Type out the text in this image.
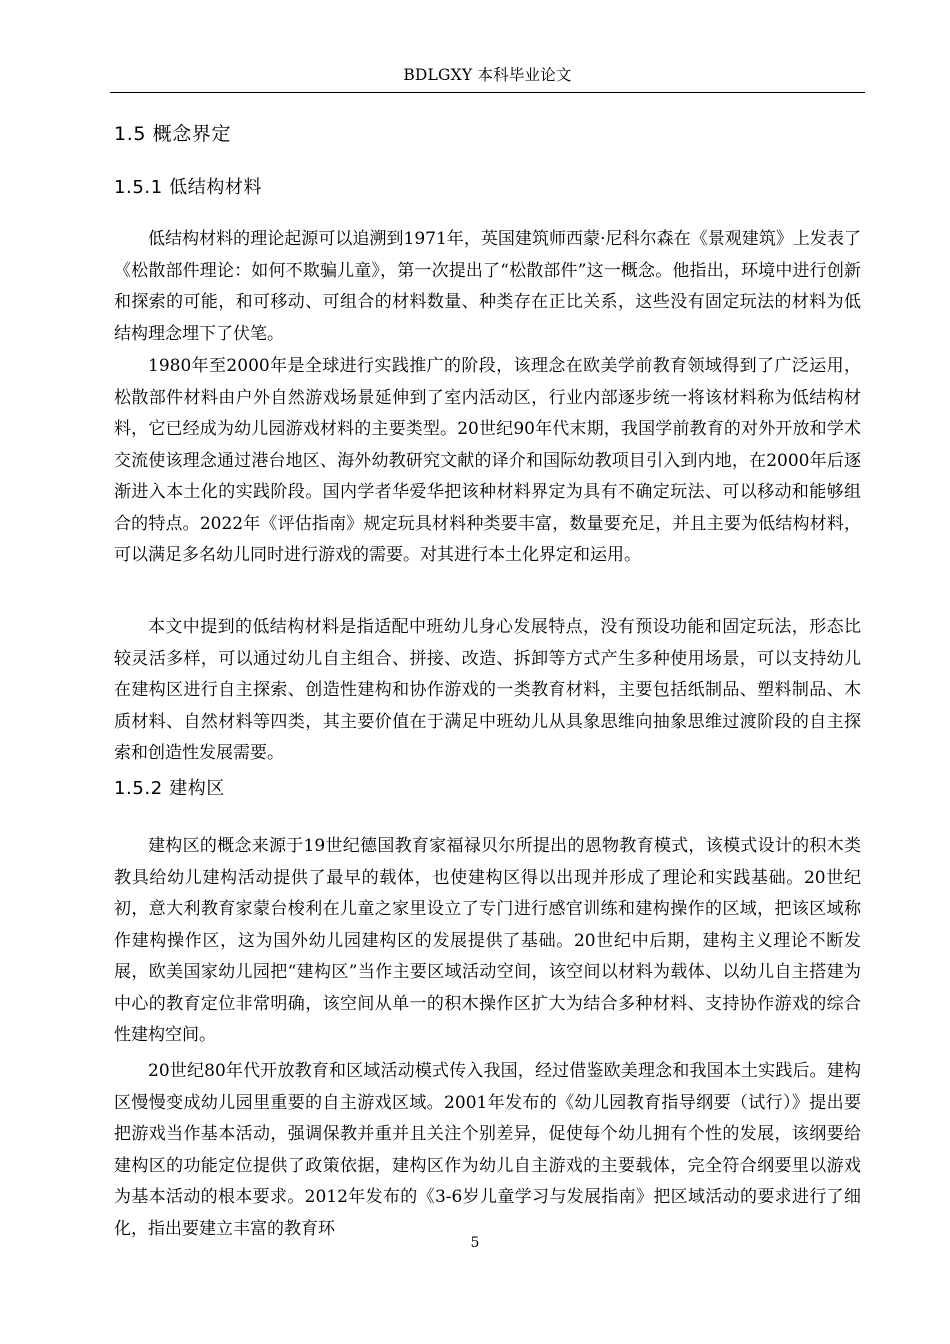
BDLGXY 本科毕业论文
1.5 概念界定
1.5.1 低结构材料

低结构材料的理论起源可以追溯到1971年，英国建筑师西蒙·尼科尔森在《景观建筑》上发表了《松散部件理论：如何不欺骗儿童》，第一次提出了“松散部件”这一概念。他指出，环境中进行创新和探索的可能，和可移动、可组合的材料数量、种类存在正比关系，这些没有固定玩法的材料为低结构理念埋下了伏笔。

1980年至2000年是全球进行实践推广的阶段，该理念在欧美学前教育领域得到了广泛运用，松散部件材料由户外自然游戏场景延伸到了室内活动区，行业内部逐步统一将该材料称为低结构材料，它已经成为幼儿园游戏材料的主要类型。20世纪90年代末期，我国学前教育的对外开放和学术交流使该理念通过港台地区、海外幼教研究文献的译介和国际幼教项目引入到内地，在2000年后逐渐进入本土化的实践阶段。国内学者华爱华把该种材料界定为具有不确定玩法、可以移动和能够组合的特点。2022年《评估指南》规定玩具材料种类要丰富，数量要充足，并且主要为低结构材料，可以满足多名幼儿同时进行游戏的需要。对其进行本土化界定和运用。

本文中提到的低结构材料是指适配中班幼儿身心发展特点，没有预设功能和固定玩法，形态比较灵活多样，可以通过幼儿自主组合、拼接、改造、拆卸等方式产生多种使用场景，可以支持幼儿在建构区进行自主探索、创造性建构和协作游戏的一类教育材料，主要包括纸制品、塑料制品、木质材料、自然材料等四类，其主要价值在于满足中班幼儿从具象思维向抽象思维过渡阶段的自主探索和创造性发展需要。

1.5.2 建构区

建构区的概念来源于19世纪德国教育家福禄贝尔所提出的恩物教育模式，该模式设计的积木类教具给幼儿建构活动提供了最早的载体，也使建构区得以出现并形成了理论和实践基础。20世纪初，意大利教育家蒙台梭利在儿童之家里设立了专门进行感官训练和建构操作的区域，把该区域称作建构操作区，这为国外幼儿园建构区的发展提供了基础。20世纪中后期，建构主义理论不断发展，欧美国家幼儿园把“建构区”当作主要区域活动空间，该空间以材料为载体、以幼儿自主搭建为中心的教育定位非常明确，该空间从单一的积木操作区扩大为结合多种材料、支持协作游戏的综合性建构空间。

20世纪80年代开放教育和区域活动模式传入我国，经过借鉴欧美理念和我国本土实践后。建构区慢慢变成幼儿园里重要的自主游戏区域。2001年发布的《幼儿园教育指导纲要（试行）》提出要把游戏当作基本活动，强调保教并重并且关注个别差异，促使每个幼儿拥有个性的发展，该纲要给建构区的功能定位提供了政策依据，建构区作为幼儿自主游戏的主要载体，完全符合纲要里以游戏为基本活动的根本要求。2012年发布的《3-6岁儿童学习与发展指南》把区域活动的要求进行了细化，指出要建立丰富的教育环

5
